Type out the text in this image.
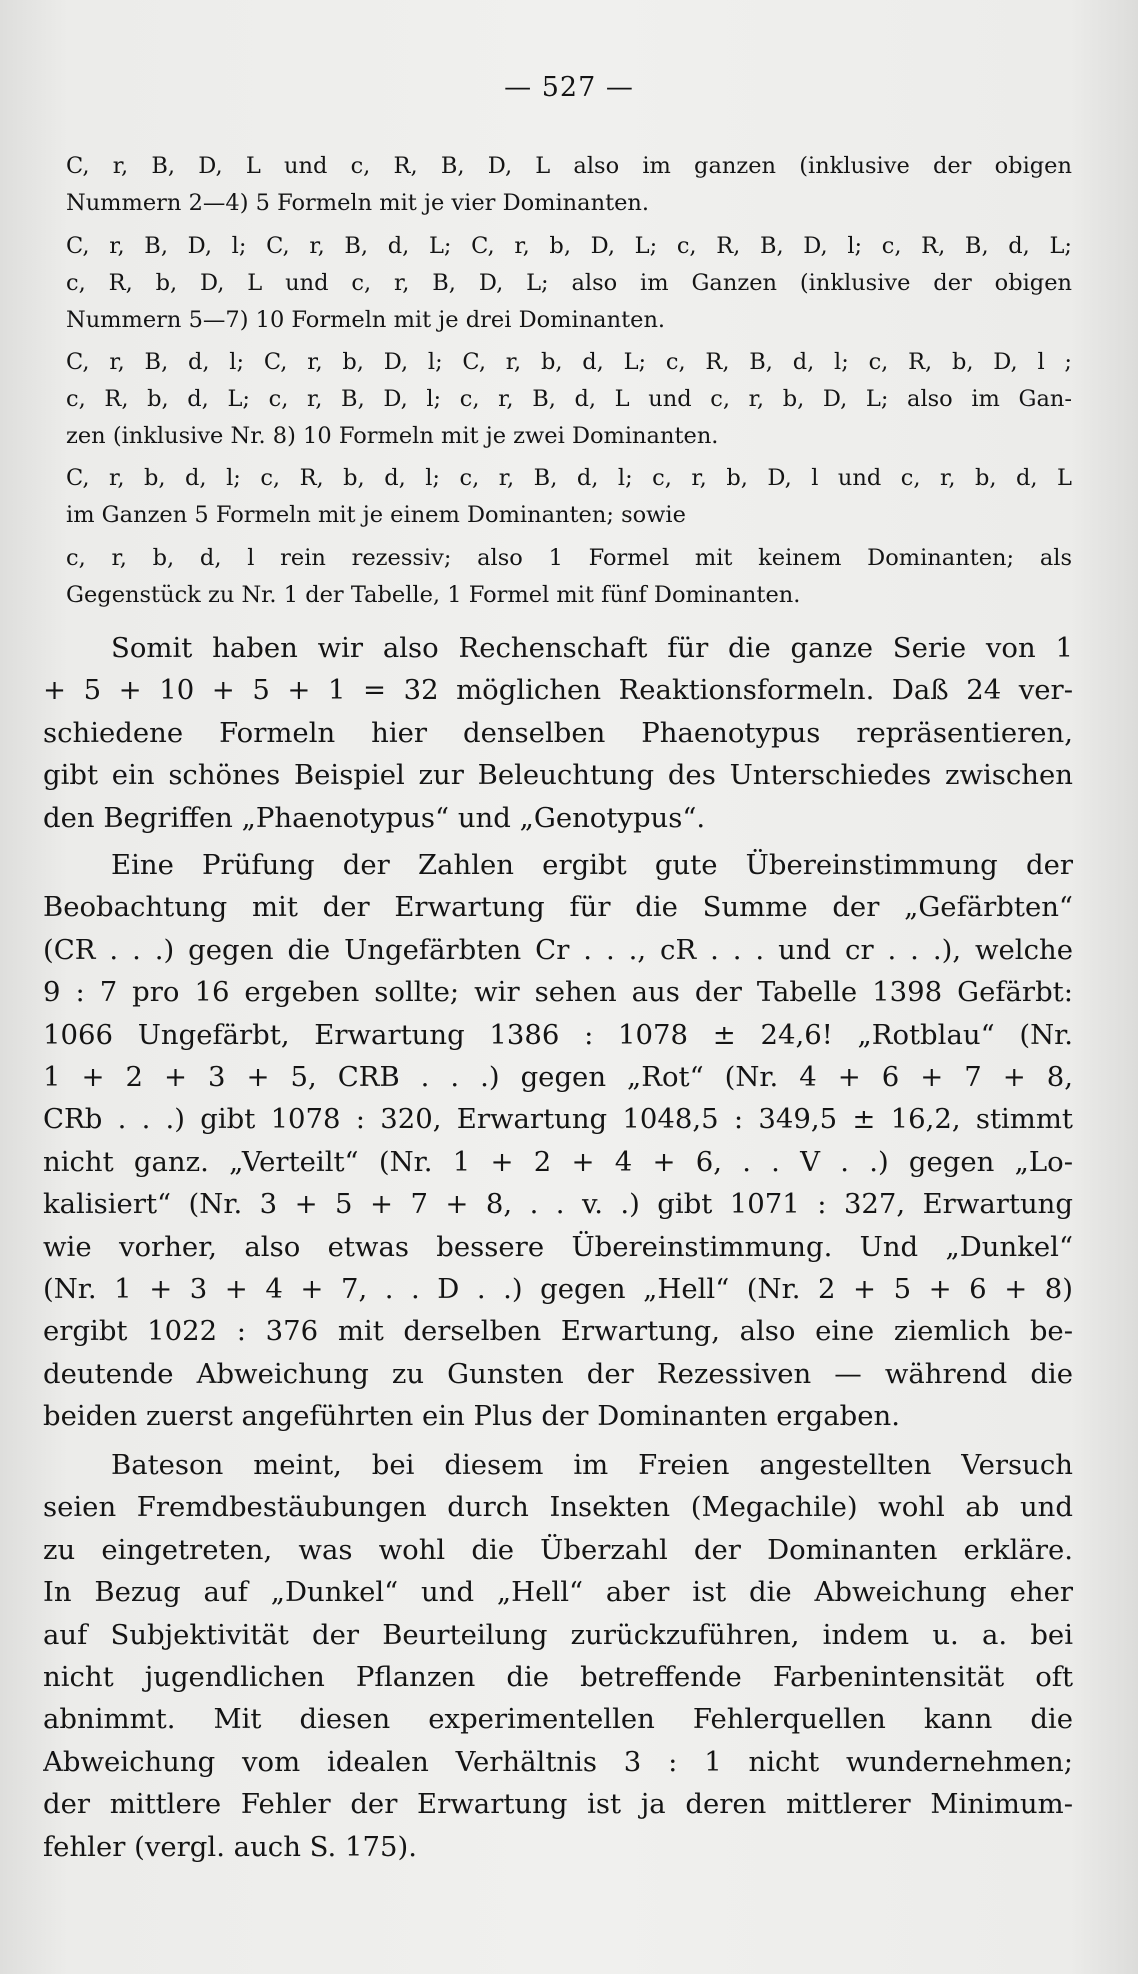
— 527 —
C, r, B, D, L und c, R, B, D, L also im ganzen (inklusive der obigen
Nummern 2—4) 5 Formeln mit je vier Dominanten.
C, r, B, D, l; C, r, B, d, L; C, r, b, D, L; c, R, B, D, l; c, R, B, d, L;
c, R, b, D, L und c, r, B, D, L; also im Ganzen (inklusive der obigen
Nummern 5—7) 10 Formeln mit je drei Dominanten.
C, r, B, d, l; C, r, b, D, l; C, r, b, d, L; c, R, B, d, l; c, R, b, D, l ;
c, R, b, d, L; c, r, B, D, l; c, r, B, d, L und c, r, b, D, L; also im Gan-
zen (inklusive Nr. 8) 10 Formeln mit je zwei Dominanten.
C, r, b, d, l; c, R, b, d, l; c, r, B, d, l; c, r, b, D, l und c, r, b, d, L
im Ganzen 5 Formeln mit je einem Dominanten; sowie
c, r, b, d, l rein rezessiv; also 1 Formel mit keinem Dominanten; als
Gegenstück zu Nr. 1 der Tabelle, 1 Formel mit fünf Dominanten.
Somit haben wir also Rechenschaft für die ganze Serie von 1
+ 5 + 10 + 5 + 1 = 32 möglichen Reaktionsformeln. Daß 24 ver-
schiedene Formeln hier denselben Phaenotypus repräsentieren,
gibt ein schönes Beispiel zur Beleuchtung des Unterschiedes zwischen
den Begriffen „Phaenotypus“ und „Genotypus“.
Eine Prüfung der Zahlen ergibt gute Übereinstimmung der
Beobachtung mit der Erwartung für die Summe der „Gefärbten“
(CR . . .) gegen die Ungefärbten Cr . . ., cR . . . und cr . . .), welche
9 : 7 pro 16 ergeben sollte; wir sehen aus der Tabelle 1398 Gefärbt:
1066 Ungefärbt, Erwartung 1386 : 1078 ± 24,6! „Rotblau“ (Nr.
1 + 2 + 3 + 5, CRB . . .) gegen „Rot“ (Nr. 4 + 6 + 7 + 8,
CRb . . .) gibt 1078 : 320, Erwartung 1048,5 : 349,5 ± 16,2, stimmt
nicht ganz. „Verteilt“ (Nr. 1 + 2 + 4 + 6, . . V . .) gegen „Lo-
kalisiert“ (Nr. 3 + 5 + 7 + 8, . . v. .) gibt 1071 : 327, Erwartung
wie vorher, also etwas bessere Übereinstimmung. Und „Dunkel“
(Nr. 1 + 3 + 4 + 7, . . D . .) gegen „Hell“ (Nr. 2 + 5 + 6 + 8)
ergibt 1022 : 376 mit derselben Erwartung, also eine ziemlich be-
deutende Abweichung zu Gunsten der Rezessiven — während die
beiden zuerst angeführten ein Plus der Dominanten ergaben.
Bateson meint, bei diesem im Freien angestellten Versuch
seien Fremdbestäubungen durch Insekten (Megachile) wohl ab und
zu eingetreten, was wohl die Überzahl der Dominanten erkläre.
In Bezug auf „Dunkel“ und „Hell“ aber ist die Abweichung eher
auf Subjektivität der Beurteilung zurückzuführen, indem u. a. bei
nicht jugendlichen Pflanzen die betreffende Farbenintensität oft
abnimmt. Mit diesen experimentellen Fehlerquellen kann die
Abweichung vom idealen Verhältnis 3 : 1 nicht wundernehmen;
der mittlere Fehler der Erwartung ist ja deren mittlerer Minimum-
fehler (vergl. auch S. 175).
